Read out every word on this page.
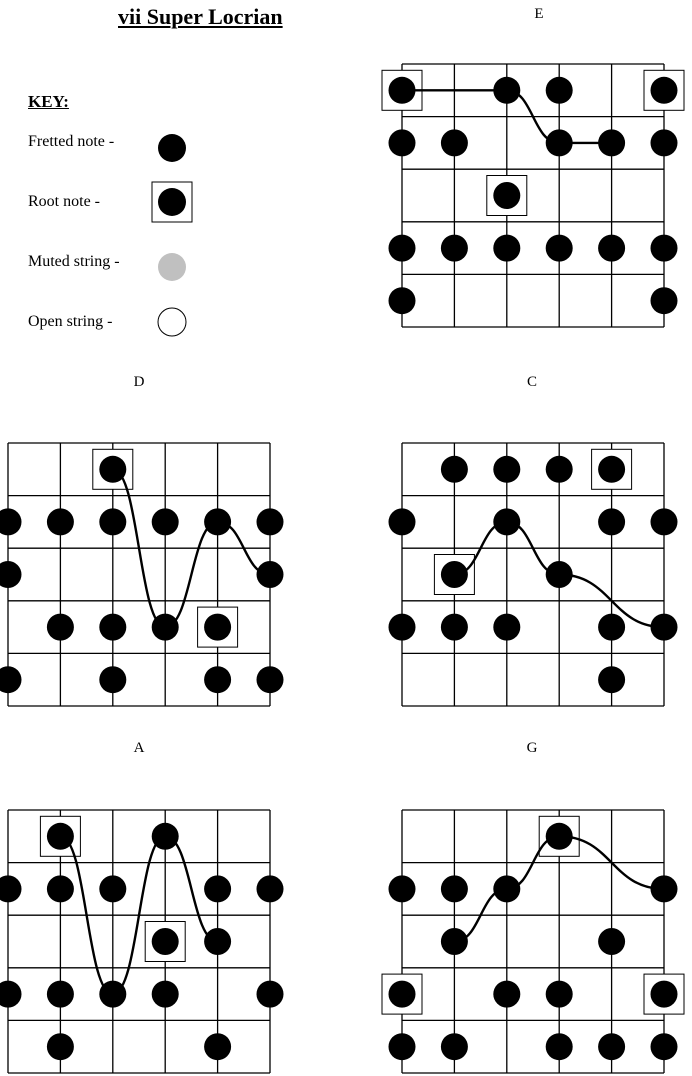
vii Super Locrian
KEY:
Fretted note -
Root note -
Muted string -
Open string -
E
D	C
A	G
